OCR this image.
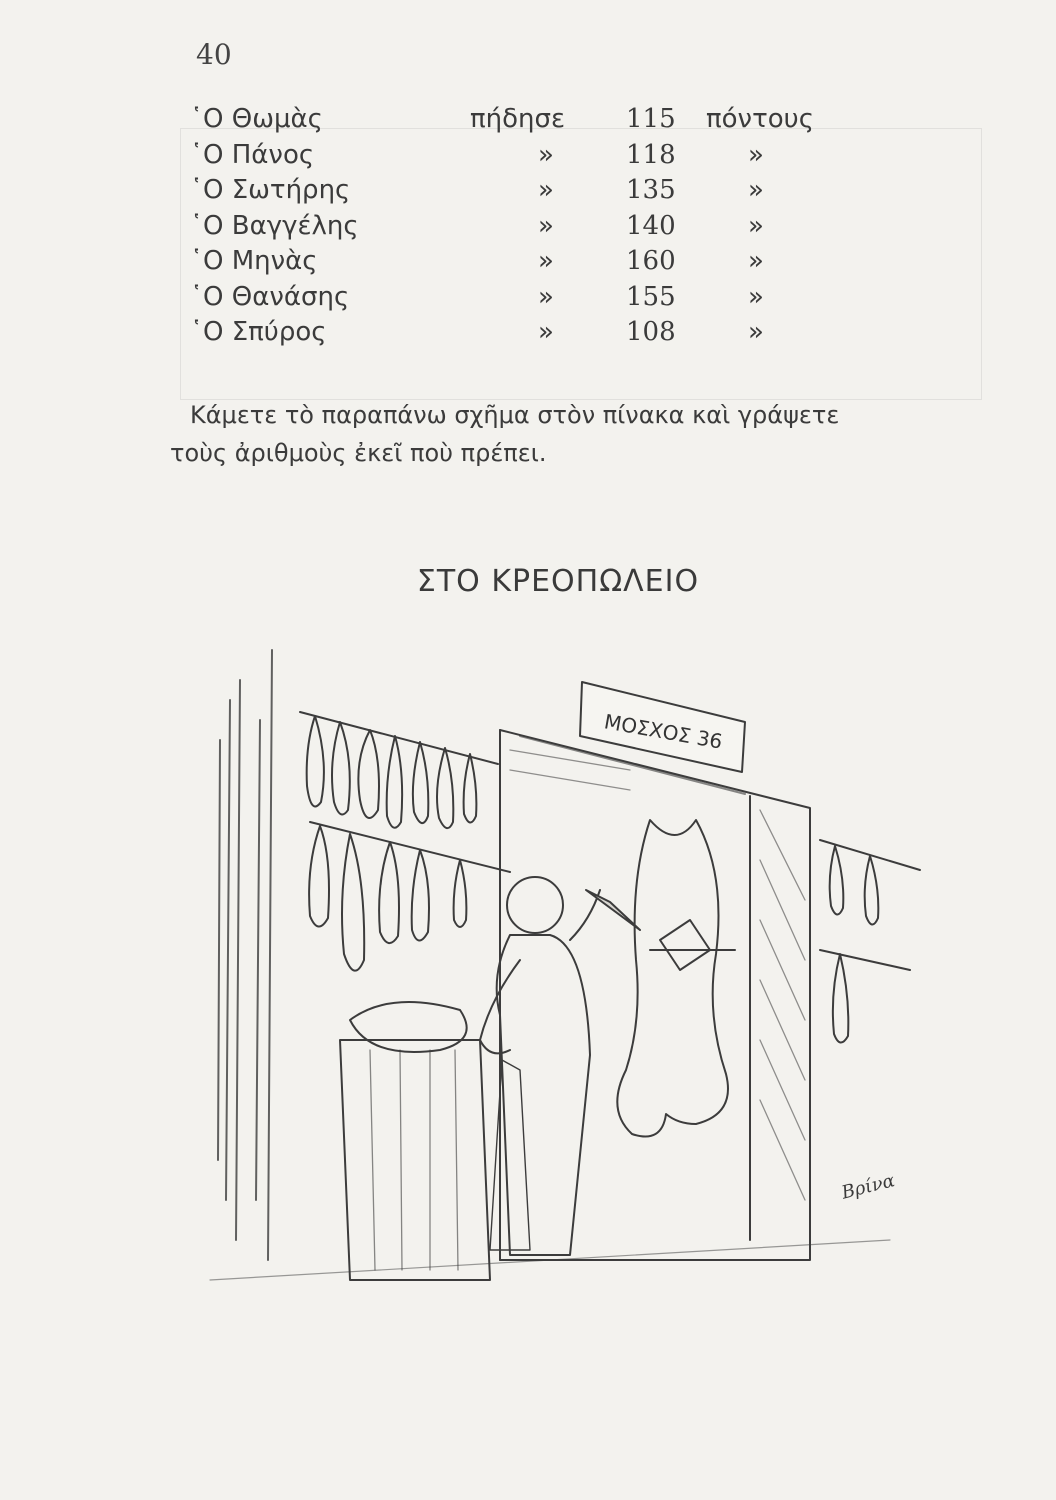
40
῾Ο Θωμὰς	πήδησε 115 πόντους
῾Ο Πάνος	»	118	»
῾Ο Σωτήρης	»	135	»
῾Ο Βαγγέλης	»	140	»
῾Ο Μηνὰς	»	160	»
῾Ο Θανάσης	»	155	»
῾Ο Σπύρος	»	108	»
Κάμετε τὸ παραπάνω σχῆμα στὸν πίνακα καὶ γράψετε
τοὺς ἀριθμοὺς ἐκεῖ ποὺ πρέπει.
ΣΤΟ ΚΡΕΟΠΩΛΕΙΟ
ΜΟΣΧΟΣ 36
Βρίνα
